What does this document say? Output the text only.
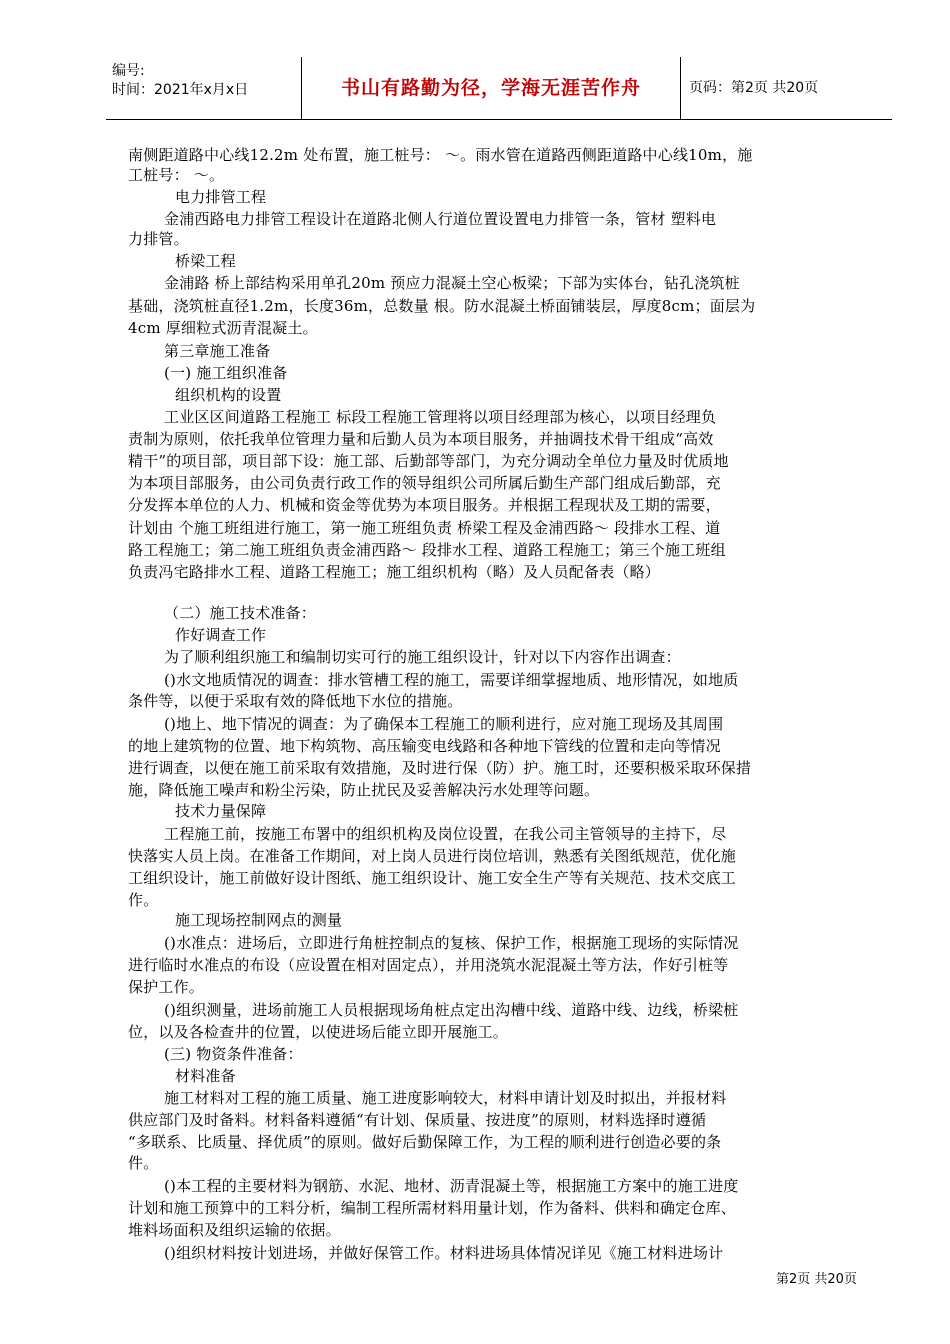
编号:
时间：2021年x月x日	书山有路勤为径，学海无涯苦作舟	页码：第2页 共20页
南侧距道路中心线12.2m 处布置，施工桩号： ～。雨水管在道路西侧距道路中心线10m，施
工桩号： ～。
电力排管工程
金浦西路电力排管工程设计在道路北侧人行道位置设置电力排管一条，管材 塑料电
力排管。
桥梁工程
金浦路 桥上部结构采用单孔20m 预应力混凝土空心板梁；下部为实体台，钻孔浇筑桩
基础，浇筑桩直径1.2m，长度36m，总数量 根。防水混凝土桥面铺装层，厚度8cm；面层为
4cm 厚细粒式沥青混凝土。
第三章施工准备
(一) 施工组织准备
组织机构的设置
工业区区间道路工程施工 标段工程施工管理将以项目经理部为核心，以项目经理负
责制为原则，依托我单位管理力量和后勤人员为本项目服务，并抽调技术骨干组成“高效
精干”的项目部，项目部下设：施工部、后勤部等部门，为充分调动全单位力量及时优质地
为本项目部服务，由公司负责行政工作的领导组织公司所属后勤生产部门组成后勤部，充
分发挥本单位的人力、机械和资金等优势为本项目服务。并根据工程现状及工期的需要，
计划由 个施工班组进行施工，第一施工班组负责 桥梁工程及金浦西路～ 段排水工程、道
路工程施工；第二施工班组负责金浦西路～ 段排水工程、道路工程施工；第三个施工班组
负责冯宅路排水工程、道路工程施工；施工组织机构（略）及人员配备表（略）
（二）施工技术准备：
作好调查工作
为了顺利组织施工和编制切实可行的施工组织设计，针对以下内容作出调查：
()水文地质情况的调查：排水管槽工程的施工，需要详细掌握地质、地形情况，如地质
条件等，以便于采取有效的降低地下水位的措施。
()地上、地下情况的调查：为了确保本工程施工的顺利进行，应对施工现场及其周围
的地上建筑物的位置、地下构筑物、高压输变电线路和各种地下管线的位置和走向等情况
进行调查，以便在施工前采取有效措施，及时进行保（防）护。施工时，还要积极采取环保措
施，降低施工噪声和粉尘污染，防止扰民及妥善解决污水处理等问题。
技术力量保障
工程施工前，按施工布署中的组织机构及岗位设置，在我公司主管领导的主持下，尽
快落实人员上岗。在准备工作期间，对上岗人员进行岗位培训，熟悉有关图纸规范，优化施
工组织设计，施工前做好设计图纸、施工组织设计、施工安全生产等有关规范、技术交底工
作。
施工现场控制网点的测量
()水准点：进场后，立即进行角桩控制点的复核、保护工作，根据施工现场的实际情况
进行临时水准点的布设（应设置在相对固定点），并用浇筑水泥混凝土等方法，作好引桩等
保护工作。
()组织测量，进场前施工人员根据现场角桩点定出沟槽中线、道路中线、边线，桥梁桩
位，以及各检查井的位置，以使进场后能立即开展施工。
(三) 物资条件准备：
材料准备
施工材料对工程的施工质量、施工进度影响较大，材料申请计划及时拟出，并报材料
供应部门及时备料。材料备料遵循“有计划、保质量、按进度”的原则，材料选择时遵循
“多联系、比质量、择优质”的原则。做好后勤保障工作，为工程的顺利进行创造必要的条
件。
()本工程的主要材料为钢筋、水泥、地材、沥青混凝土等，根据施工方案中的施工进度
计划和施工预算中的工料分析，编制工程所需材料用量计划，作为备料、供料和确定仓库、
堆料场面积及组织运输的依据。
()组织材料按计划进场，并做好保管工作。材料进场具体情况详见《施工材料进场计
第2页 共20页
